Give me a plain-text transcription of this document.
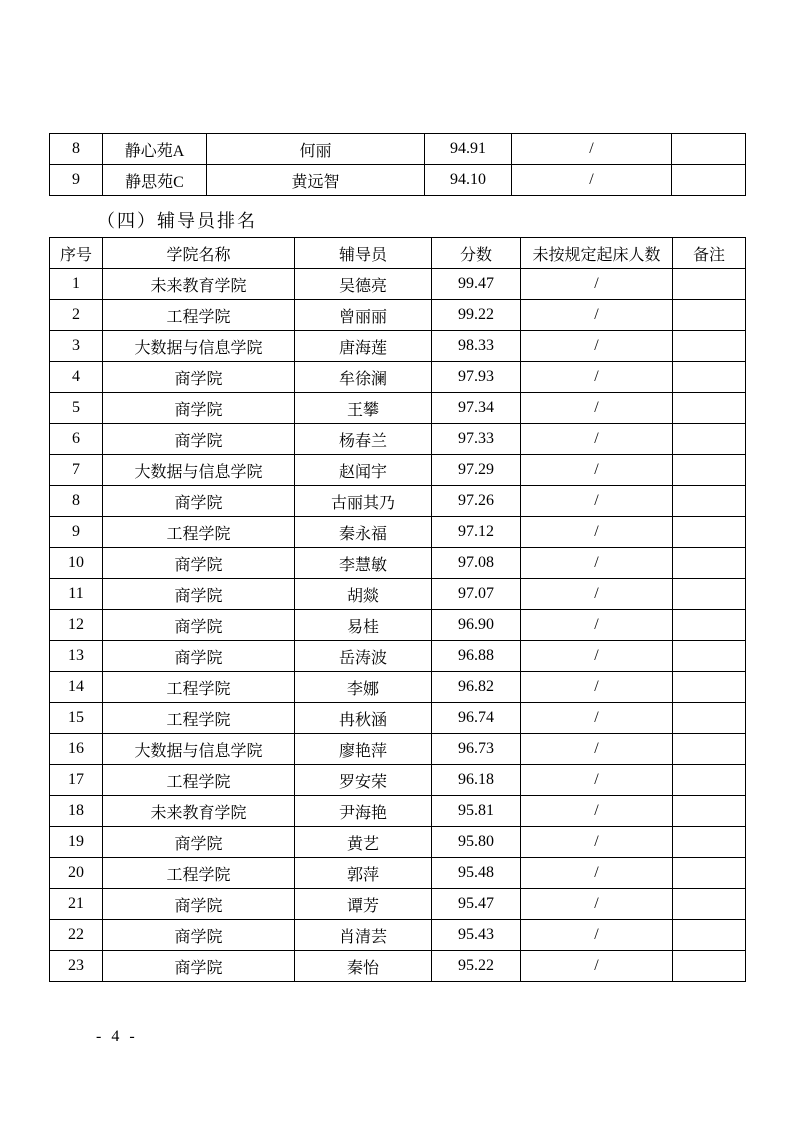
8	静心苑A	何丽	94.91	/	
9	静思苑C	黄远智	94.10	/	
（四）辅导员排名
序号	学院名称	辅导员	分数	未按规定起床人数	备注
1	未来教育学院	吴德亮	99.47	/	
2	工程学院	曾丽丽	99.22	/	
3	大数据与信息学院	唐海莲	98.33	/	
4	商学院	牟徐澜	97.93	/	
5	商学院	王攀	97.34	/	
6	商学院	杨春兰	97.33	/	
7	大数据与信息学院	赵闻宇	97.29	/	
8	商学院	古丽其乃	97.26	/	
9	工程学院	秦永福	97.12	/	
10	商学院	李慧敏	97.08	/	
11	商学院	胡燚	97.07	/	
12	商学院	易桂	96.90	/	
13	商学院	岳涛波	96.88	/	
14	工程学院	李娜	96.82	/	
15	工程学院	冉秋涵	96.74	/	
16	大数据与信息学院	廖艳萍	96.73	/	
17	工程学院	罗安荣	96.18	/	
18	未来教育学院	尹海艳	95.81	/	
19	商学院	黄艺	95.80	/	
20	工程学院	郭萍	95.48	/	
21	商学院	谭芳	95.47	/	
22	商学院	肖清芸	95.43	/	
23	商学院	秦怡	95.22	/	
- 4 -
